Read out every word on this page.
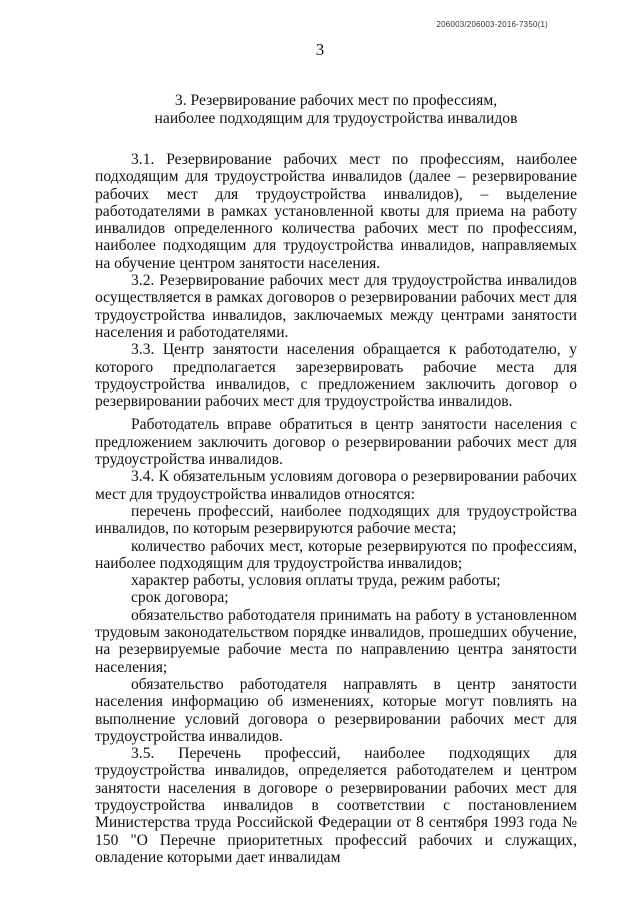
206003/206003-2016-7350(1)
3
3. Резервирование рабочих мест по профессиям,
наиболее подходящим для трудоустройства инвалидов

3.1. Резервирование рабочих мест по профессиям, наиболее подходящим для трудоустройства инвалидов (далее – резервирование рабочих мест для трудоустройства инвалидов), – выделение работодателями в рамках установленной квоты для приема на работу инвалидов определенного количества рабочих мест по профессиям, наиболее подходящим для трудоустройства инвалидов, направляемых на обучение центром занятости населения.

3.2. Резервирование рабочих мест для трудоустройства инвалидов осуществляется в рамках договоров о резервировании рабочих мест для трудоустройства инвалидов, заключаемых между центрами занятости населения и работодателями.

3.3. Центр занятости населения обращается к работодателю, у которого предполагается зарезервировать рабочие места для трудоустройства инвалидов, с предложением заключить договор о резервировании рабочих мест для трудоустройства инвалидов.

Работодатель вправе обратиться в центр занятости населения с предложением заключить договор о резервировании рабочих мест для трудоустройства инвалидов.

3.4. К обязательным условиям договора о резервировании рабочих мест для трудоустройства инвалидов относятся:

перечень профессий, наиболее подходящих для трудоустройства инвалидов, по которым резервируются рабочие места;

количество рабочих мест, которые резервируются по профессиям, наиболее подходящим для трудоустройства инвалидов;

характер работы, условия оплаты труда, режим работы;

срок договора;

обязательство работодателя принимать на работу в установленном трудовым законодательством порядке инвалидов, прошедших обучение, на резервируемые рабочие места по направлению центра занятости населения;

обязательство работодателя направлять в центр занятости населения информацию об изменениях, которые могут повлиять на выполнение условий договора о резервировании рабочих мест для трудоустройства инвалидов.

3.5. Перечень профессий, наиболее подходящих для трудоустройства инвалидов, определяется работодателем и центром занятости населения в договоре о резервировании рабочих мест для трудоустройства инвалидов в соответствии с постановлением Министерства труда Российской Федерации от 8 сентября 1993 года № 150 "О Перечне приоритетных профессий рабочих и служащих, овладение которыми дает инвалидам
